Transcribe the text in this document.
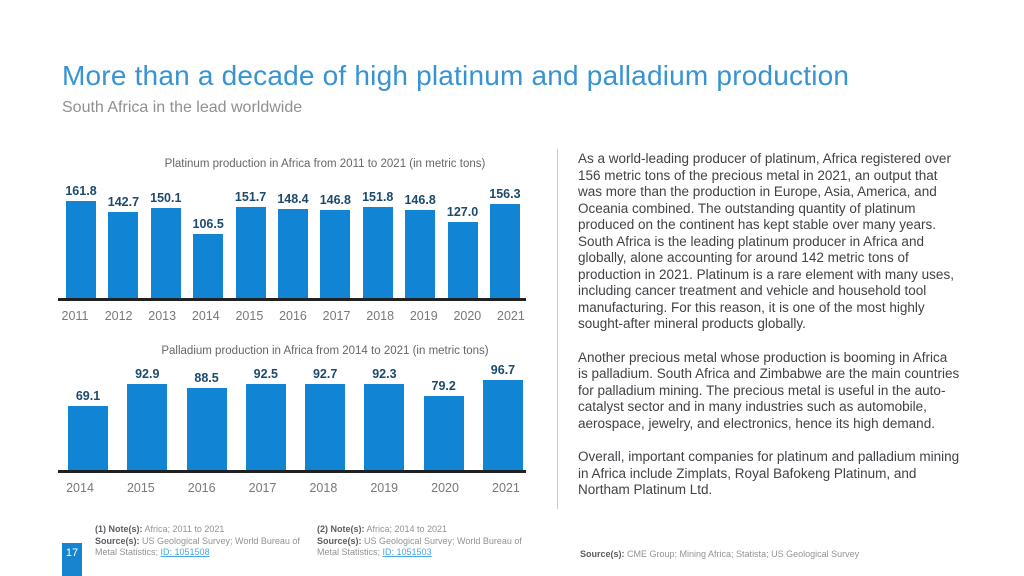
More than a decade of high platinum and palladium production
South Africa in the lead worldwide
Platinum production in Africa from 2011 to 2021 (in metric tons)
161.8
142.7 150.1
106.5
151.7 148.4 146.8 151.8 146.8
127.0
156.3
2011 2012 2013 2014 2015 2016 2017 2018 2019 2020 2021
Palladium production in Africa from 2014 to 2021 (in metric tons)
69.1
92.9	88.5	92.5	92.7	92.3
79.2
96.7
2014	2015	2016	2017	2018	2019	2020	2021

As a world-leading producer of platinum, Africa registered over 156 metric tons of the precious metal in 2021, an output that was more than the production in Europe, Asia, America, and Oceania combined. The outstanding quantity of platinum produced on the continent has kept stable over many years. South Africa is the leading platinum producer in Africa and globally, alone accounting for around 142 metric tons of production in 2021. Platinum is a rare element with many uses, including cancer treatment and vehicle and household tool manufacturing. For this reason, it is one of the most highly sought-after mineral products globally.

Another precious metal whose production is booming in Africa is palladium. South Africa and Zimbabwe are the main countries for palladium mining. The precious metal is useful in the auto-catalyst sector and in many industries such as automobile, aerospace, jewelry, and electronics, hence its high demand.

Overall, important companies for platinum and palladium mining in Africa include Zimplats, Royal Bafokeng Platinum, and Northam Platinum Ltd.

17
(1) Note(s): Africa; 2011 to 2021
Source(s): US Geological Survey; World Bureau of Metal Statistics; ID: 1051508
(2) Note(s): Africa; 2014 to 2021
Source(s): US Geological Survey; World Bureau of Metal Statistics; ID: 1051503	Source(s): CME Group; Mining Africa; Statista; US Geological Survey
